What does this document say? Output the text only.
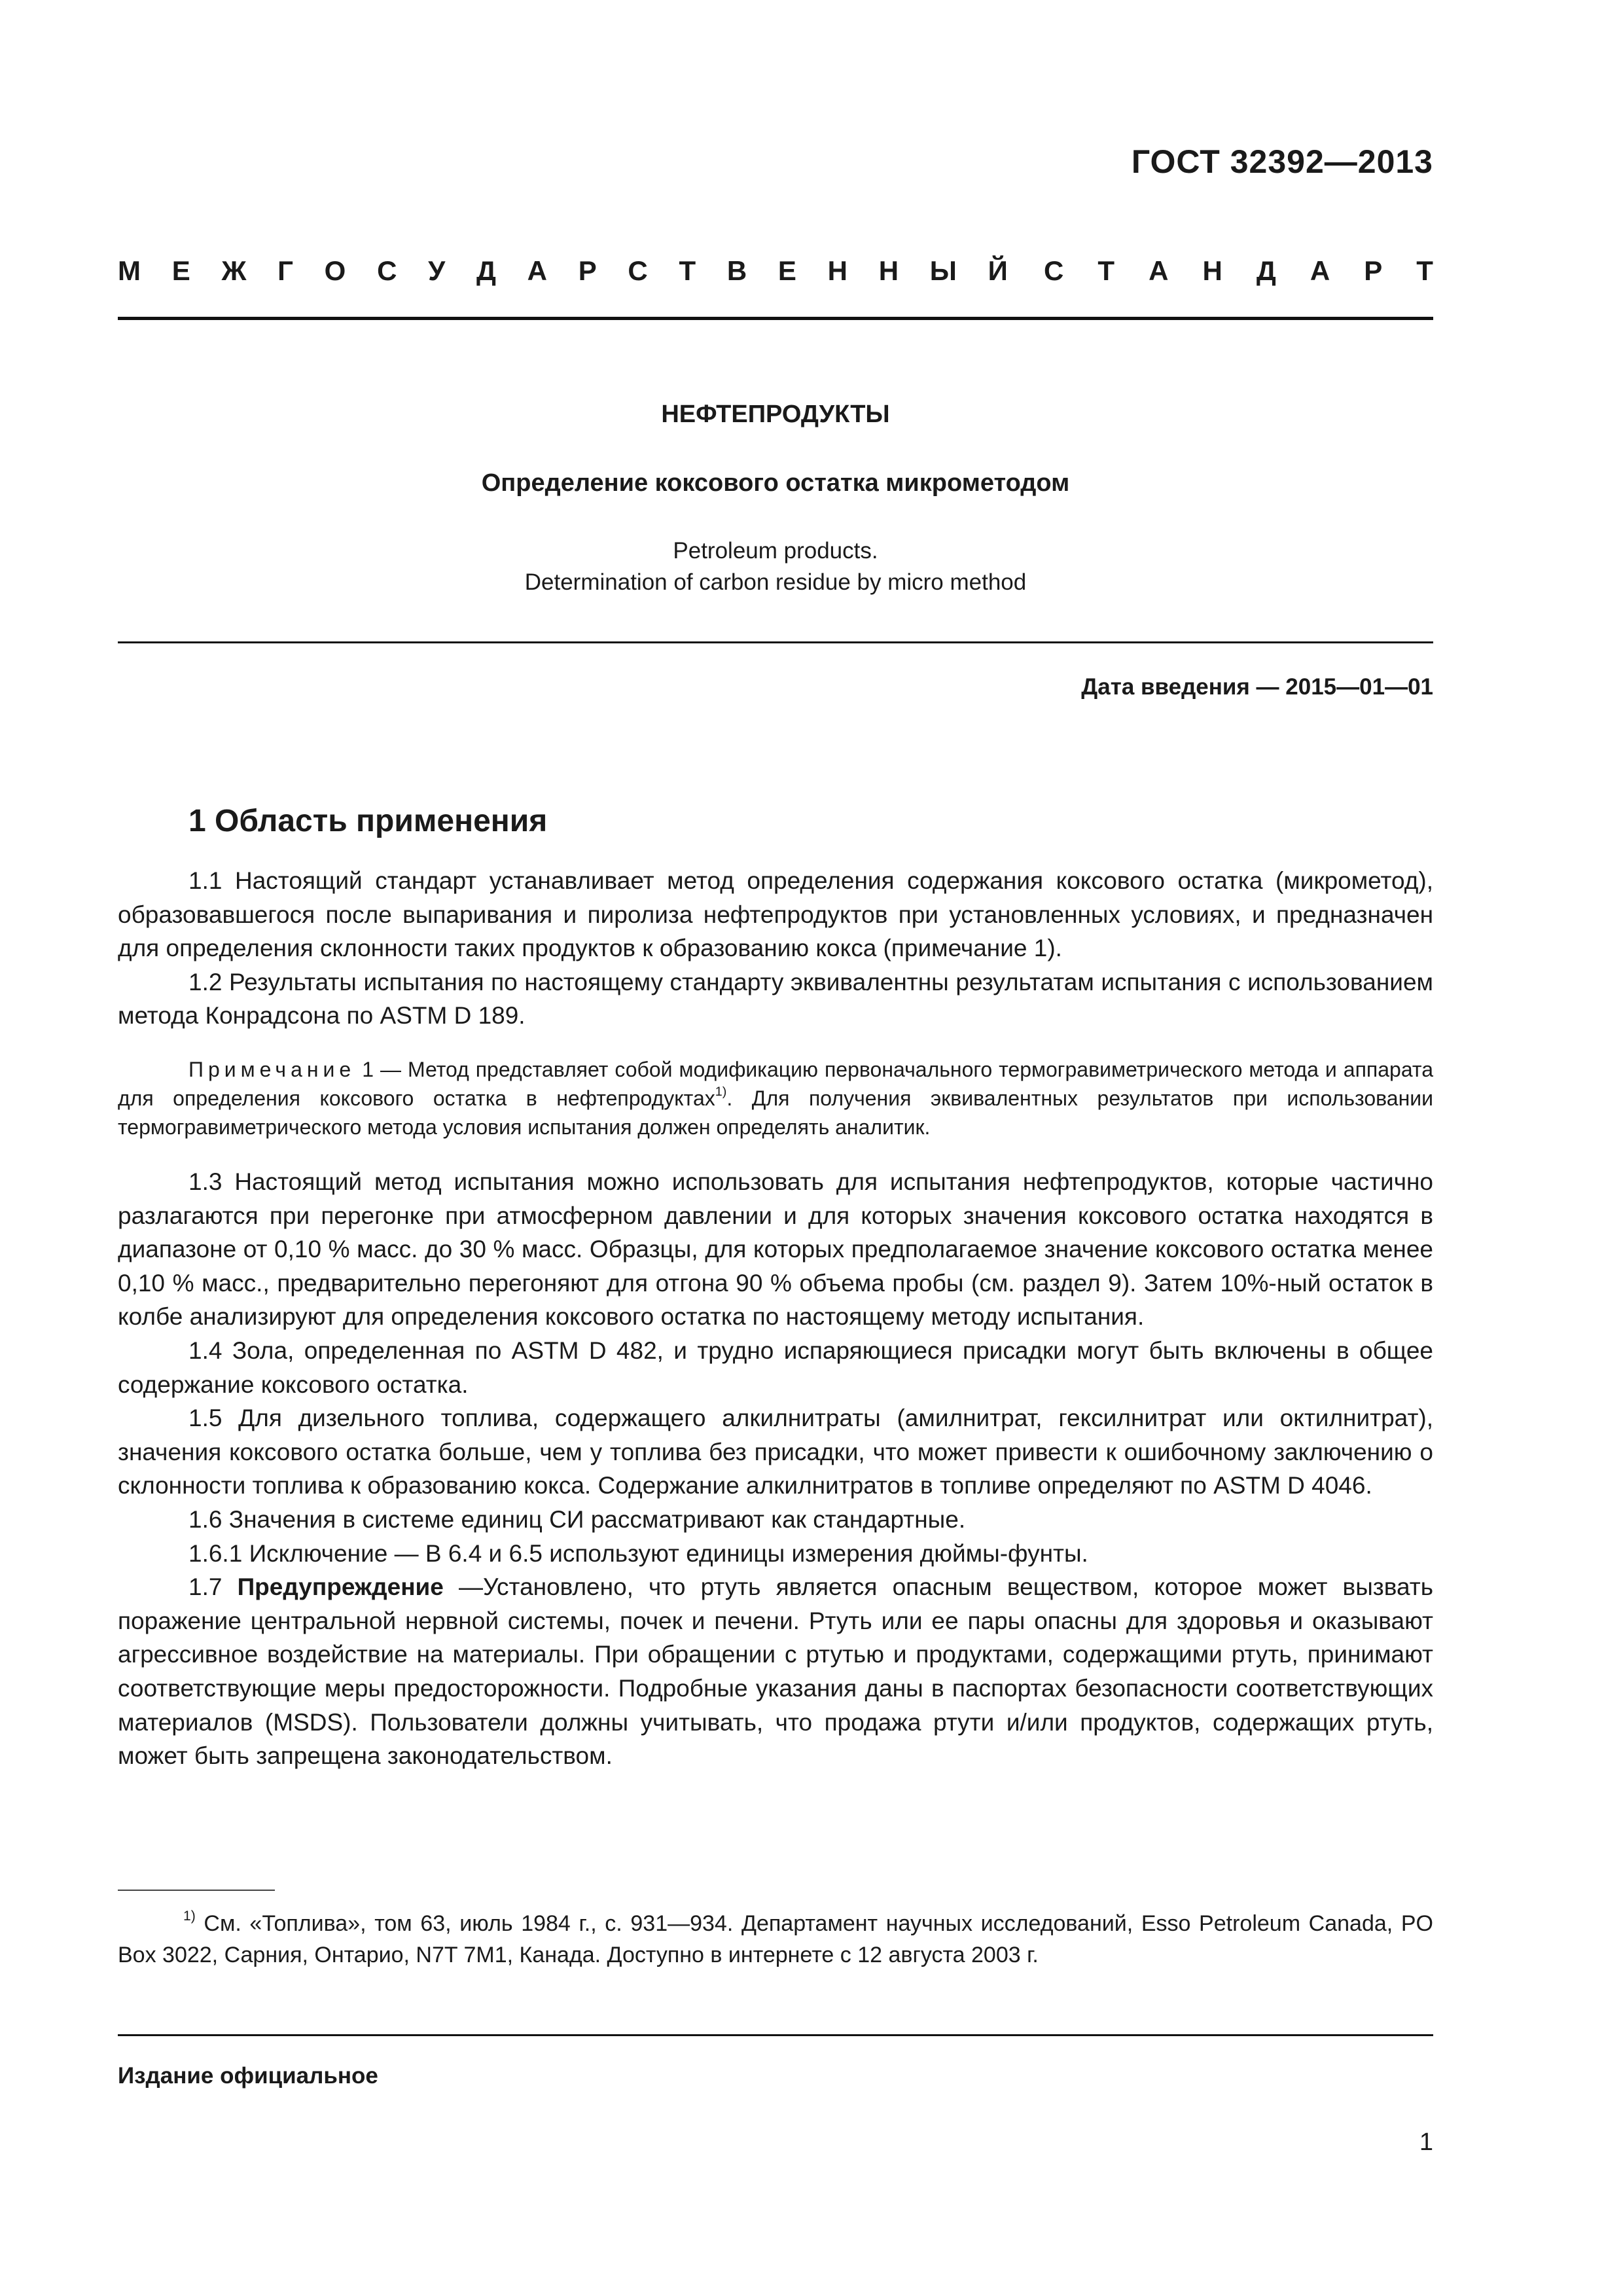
ГОСТ 32392—2013
М Е Ж Г О С У Д А Р С Т В Е Н Н Ы Й С Т А Н Д А Р Т
НЕФТЕПРОДУКТЫ
Определение коксового остатка микрометодом
Petroleum products.
Determination of carbon residue by micro method
Дата введения — 2015—01—01
1 Область применения

1.1 Настоящий стандарт устанавливает метод определения содержания коксового остатка (микрометод), образовавшегося после выпаривания и пиролиза нефтепродуктов при установленных условиях, и предназначен для определения склонности таких продуктов к образованию кокса (примечание 1).

1.2 Результаты испытания по настоящему стандарту эквивалентны результатам испытания с использованием метода Конрадсона по ASTM D 189.

Примечание 1 — Метод представляет собой модификацию первоначального термогравиметрического метода и аппарата для определения коксового остатка в нефтепродуктах$^{1)}$. Для получения эквивалентных результатов при использовании термогравиметрического метода условия испытания должен определять аналитик.

1.3 Настоящий метод испытания можно использовать для испытания нефтепродуктов, которые частично разлагаются при перегонке при атмосферном давлении и для которых значения коксового остатка находятся в диапазоне от 0,10 % масс. до 30 % масс. Образцы, для которых предполагаемое значение коксового остатка менее 0,10 % масс., предварительно перегоняют для отгона 90 % объема пробы (см. раздел 9). Затем 10%-ный остаток в колбе анализируют для определения коксового остатка по настоящему методу испытания.

1.4 Зола, определенная по ASTM D 482, и трудно испаряющиеся присадки могут быть включены в общее содержание коксового остатка.

1.5 Для дизельного топлива, содержащего алкилнитраты (амилнитрат, гексилнитрат или октилнитрат), значения коксового остатка больше, чем у топлива без присадки, что может привести к ошибочному заключению о склонности топлива к образованию кокса. Содержание алкилнитратов в топливе определяют по ASTM D 4046.

1.6 Значения в системе единиц СИ рассматривают как стандартные.

1.6.1 Исключение — В 6.4 и 6.5 используют единицы измерения дюймы-фунты.

1.7 Предупреждение —Установлено, что ртуть является опасным веществом, которое может вызвать поражение центральной нервной системы, почек и печени. Ртуть или ее пары опасны для здоровья и оказывают агрессивное воздействие на материалы. При обращении с ртутью и продуктами, содержащими ртуть, принимают соответствующие меры предосторожности. Подробные указания даны в паспортах безопасности соответствующих материалов (MSDS). Пользователи должны учитывать, что продажа ртути и/или продуктов, содержащих ртуть, может быть запрещена законодательством.

$^{1)}$ См. «Топлива», том 63, июль 1984 г., с. 931—934. Департамент научных исследований, Esso Petroleum Canada, PO Box 3022, Сарния, Онтарио, N7T 7M1, Канада. Доступно в интернете с 12 августа 2003 г.

Издание официальное
1
